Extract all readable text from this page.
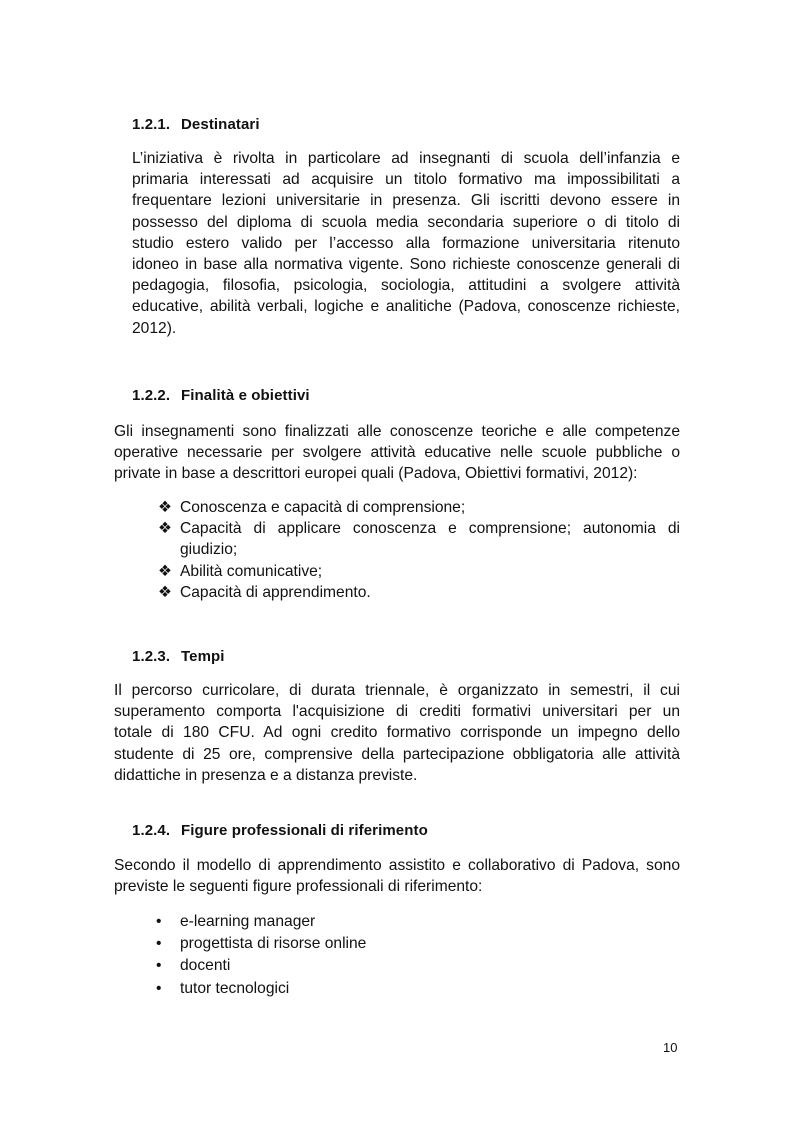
1.2.1. Destinatari
L’iniziativa è rivolta in particolare ad insegnanti di scuola dell’infanzia e
primaria interessati ad acquisire un titolo formativo ma impossibilitati a
frequentare lezioni universitarie in presenza. Gli iscritti devono essere in
possesso del diploma di scuola media secondaria superiore o di titolo di
studio estero valido per l’accesso alla formazione universitaria ritenuto
idoneo in base alla normativa vigente. Sono richieste conoscenze generali di
pedagogia, filosofia, psicologia, sociologia, attitudini a svolgere attività
educative, abilità verbali, logiche e analitiche (Padova, conoscenze richieste,
2012).
1.2.2. Finalità e obiettivi
Gli insegnamenti sono finalizzati alle conoscenze teoriche e alle competenze
operative necessarie per svolgere attività educative nelle scuole pubbliche o
private in base a descrittori europei quali (Padova, Obiettivi formativi, 2012):
❖ Conoscenza e capacità di comprensione;
❖ Capacità di applicare conoscenza e comprensione; autonomia di
giudizio;
❖ Abilità comunicative;
❖ Capacità di apprendimento.
1.2.3. Tempi
Il percorso curricolare, di durata triennale, è organizzato in semestri, il cui
superamento comporta l'acquisizione di crediti formativi universitari per un
totale di 180 CFU. Ad ogni credito formativo corrisponde un impegno dello
studente di 25 ore, comprensive della partecipazione obbligatoria alle attività
didattiche in presenza e a distanza previste.
1.2.4. Figure professionali di riferimento
Secondo il modello di apprendimento assistito e collaborativo di Padova, sono
previste le seguenti figure professionali di riferimento:
• e-learning manager
• progettista di risorse online
• docenti
• tutor tecnologici
10
